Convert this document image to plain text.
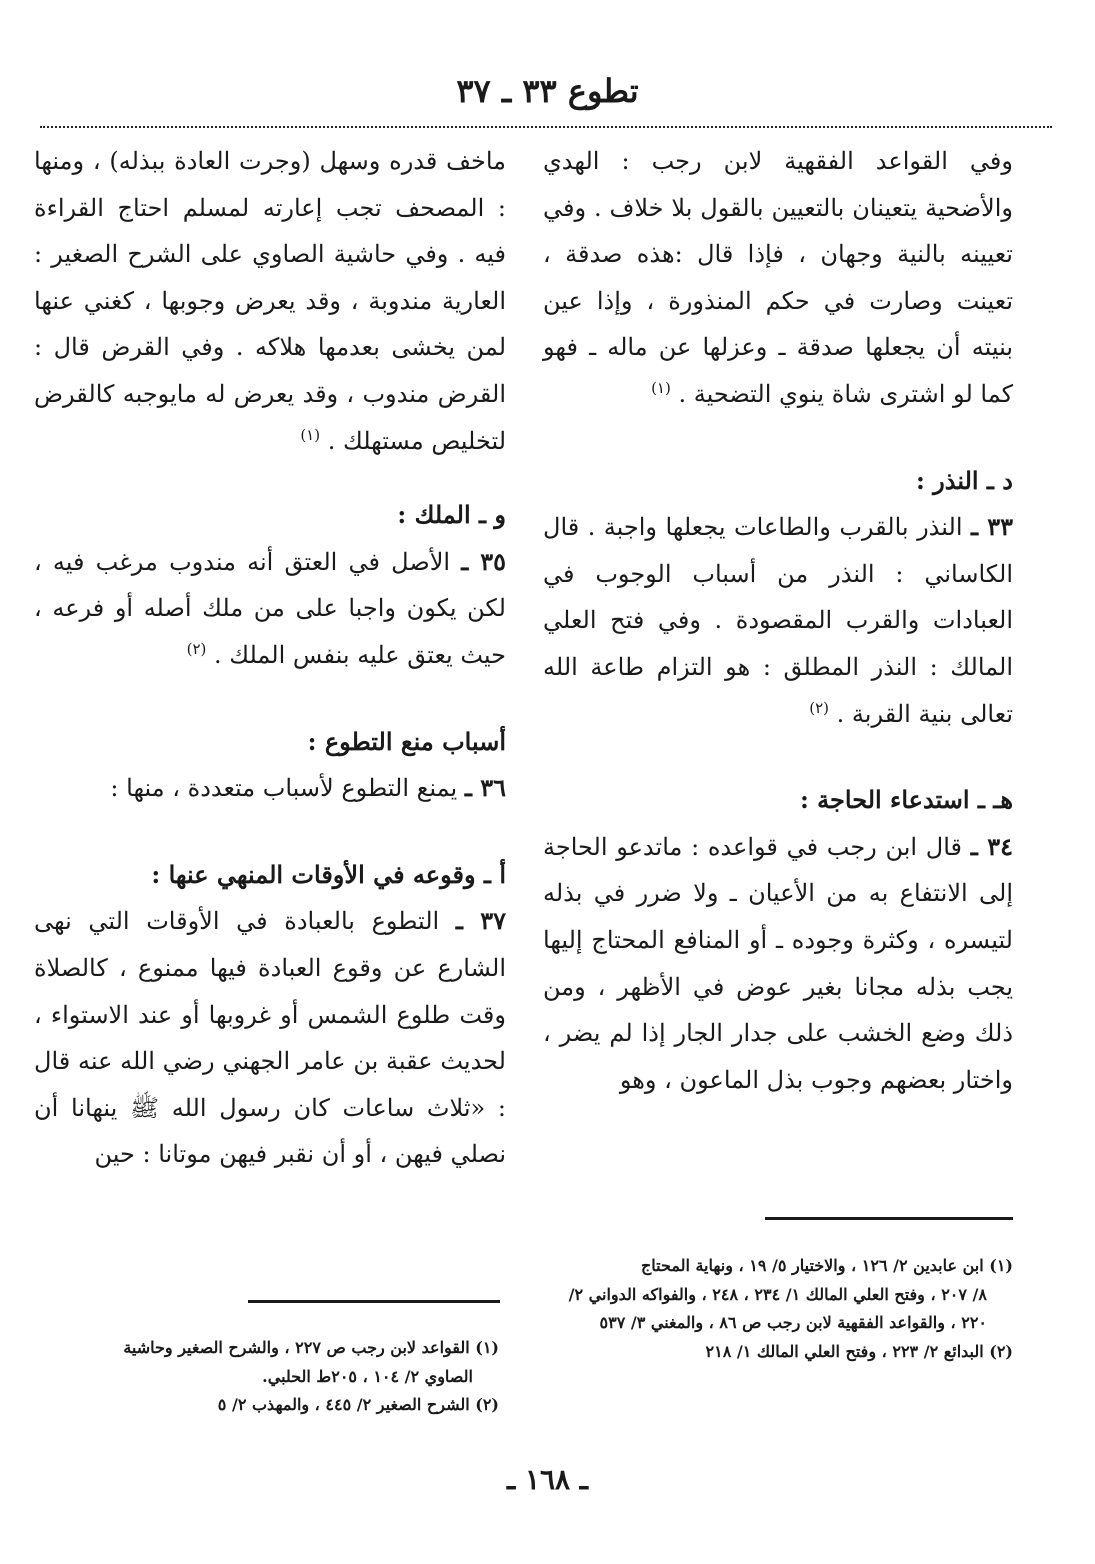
تطوع ٣٣ ـ ٣٧

وفي القواعد الفقهية لابن رجب : الهدي والأضحية يتعينان بالتعيين بالقول بلا خلاف . وفي تعيينه بالنية وجهان ، فإذا قال :هذه صدقة ، تعينت وصارت في حكم المنذورة ، وإذا عين بنيته أن يجعلها صدقة ـ وعزلها عن ماله ـ فهو كما لو اشترى شاة ينوي التضحية . $^{(١)}$

د ـ النذر :

٣٣ ـ النذر بالقرب والطاعات يجعلها واجبة . قال الكاساني : النذر من أسباب الوجوب في العبادات والقرب المقصودة . وفي فتح العلي المالك : النذر المطلق : هو التزام طاعة الله تعالى بنية القربة . $^{(٢)}$

هـ ـ استدعاء الحاجة :

٣٤ ـ قال ابن رجب في قواعده : ماتدعو الحاجة إلى الانتفاع به من الأعيان ـ ولا ضرر في بذله لتيسره ، وكثرة وجوده ـ أو المنافع المحتاج إليها يجب بذله مجانا بغير عوض في الأظهر ، ومن ذلك وضع الخشب على جدار الجار إذا لم يضر ، واختار بعضهم وجوب بذل الماعون ، وهو

ماخف قدره وسهل (وجرت العادة ببذله) ، ومنها : المصحف تجب إعارته لمسلم احتاج القراءة فيه . وفي حاشية الصاوي على الشرح الصغير : العارية مندوبة ، وقد يعرض وجوبها ، كغني عنها لمن يخشى بعدمها هلاكه . وفي القرض قال : القرض مندوب ، وقد يعرض له مايوجبه كالقرض لتخليص مستهلك . $^{(١)}$

و ـ الملك :

٣٥ ـ الأصل في العتق أنه مندوب مرغب فيه ، لكن يكون واجبا على من ملك أصله أو فرعه ، حيث يعتق عليه بنفس الملك . $^{(٢)}$

أسباب منع التطوع :

٣٦ ـ يمنع التطوع لأسباب متعددة ، منها :

أ ـ وقوعه في الأوقات المنهي عنها :

٣٧ ـ التطوع بالعبادة في الأوقات التي نهى الشارع عن وقوع العبادة فيها ممنوع ، كالصلاة وقت طلوع الشمس أو غروبها أو عند الاستواء ، لحديث عقبة بن عامر الجهني رضي الله عنه قال : «ثلاث ساعات كان رسول الله ﷺ ينهانا أن نصلي فيهن ، أو أن نقبر فيهن موتانا : حين

(١) ابن عابدين ٢/ ١٢٦ ، والاختيار ٥/ ١٩ ، ونهاية المحتاج

٨/ ٢٠٧ ، وفتح العلي المالك ١/ ٢٣٤ ، ٢٤٨ ، والفواكه الدواني ٢/ ٢٢٠ ، والقواعد الفقهية لابن رجب ص ٨٦ ، والمغني ٣/ ٥٣٧

(٢) البدائع ٢/ ٢٢٣ ، وفتح العلي المالك ١/ ٢١٨

(١) القواعد لابن رجب ص ٢٢٧ ، والشرح الصغير وحاشية

الصاوي ٢/ ١٠٤ ، ٢٠٥ط الحلبي.

(٢) الشرح الصغير ٢/ ٤٤٥ ، والمهذب ٢/ ٥

ـ ١٦٨ ـ
